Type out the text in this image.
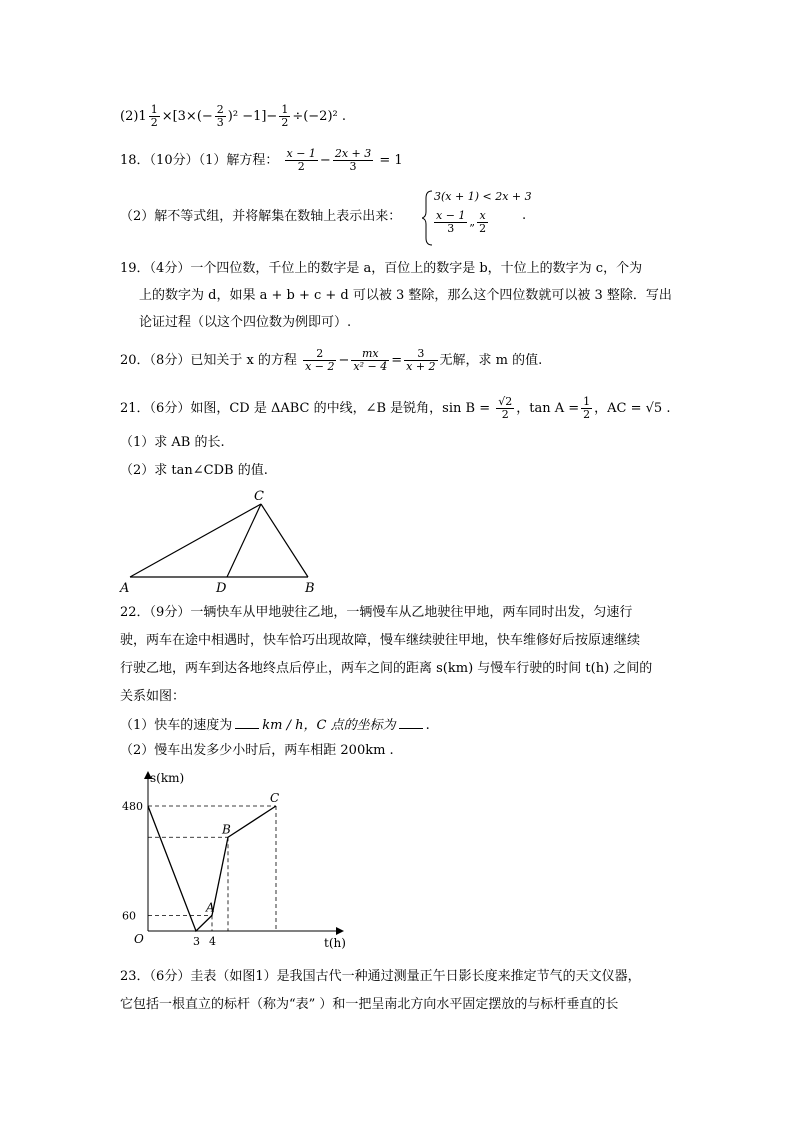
$(2)1 \frac{1}{2} \times[3\times(- \frac{2}{3} )^2 -1]- \frac{1}{2} \div(-2)^2$ .
18．（10分）（1）解方程： $\frac{x - 1}{2} - \frac{2x + 3}{3} = 1$
（2）解不等式组，并将解集在数轴上表示出来：
3(x + 1) < 2x + 3
$\frac{x - 1}{3}$ „ $\frac{x}{2}$	.
19．（4分）一个四位数，千位上的数字是 a，百位上的数字是 b，十位上的数字为 c，个为
上的数字为 d，如果 a + b + c + d 可以被 3 整除，那么这个四位数就可以被 3 整除．写出
论证过程（以这个四位数为例即可）.
20．（8分）已知关于 x 的方程 $\frac{2}{x - 2} - \frac{mx}{\text{x² − 4}} = \frac{3}{x + 2}$ 无解，求 m 的值.
21．（6分）如图，CD 是 ΔABC 的中线，∠B 是锐角，$\sin B = \frac{√2}{2}$ ，$\tan A = \frac{1}{2}$ ，AC = √5 .
（1）求 AB 的长.
（2）求 tan∠CDB 的值.
A	B
C
D
22．（9分）一辆快车从甲地驶往乙地，一辆慢车从乙地驶往甲地，两车同时出发，匀速行
驶，两车在途中相遇时，快车恰巧出现故障，慢车继续驶往甲地，快车维修好后按原速继续
行驶乙地，两车到达各地终点后停止，两车之间的距离 s(km) 与慢车行驶的时间 t(h) 之间的
关系如图：
（1）快车的速度为 km / h，C 点的坐标为 .
（2）慢车出发多少小时后，两车相距 200km .
s(km)
t(h)
O
A
B
C
3 4
60
480
23．（6分）圭表（如图1）是我国古代一种通过测量正午日影长度来推定节气的天文仪器，
它包括一根直立的标杆（称为“表” ）和一把呈南北方向水平固定摆放的与标杆垂直的长
